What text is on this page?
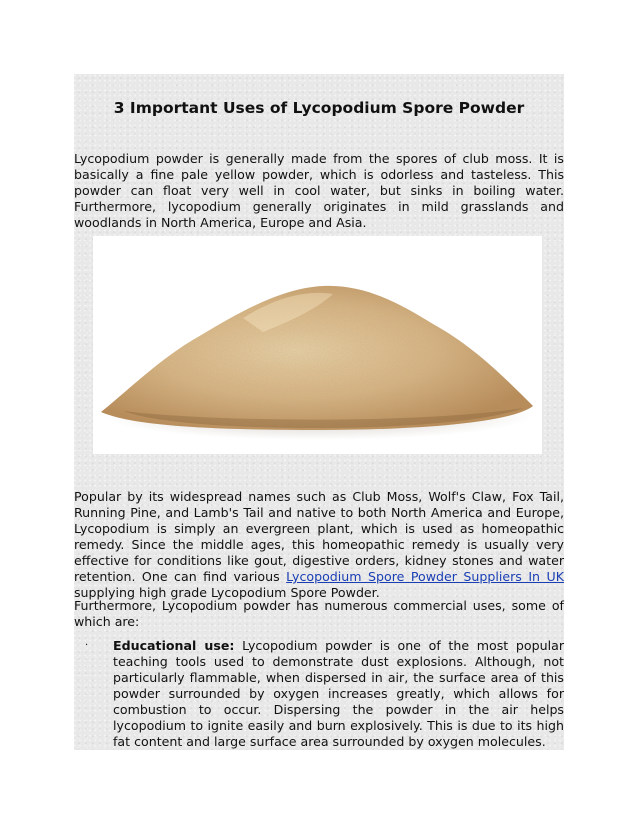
3 Important Uses of Lycopodium Spore Powder

Lycopodium powder is generally made from the spores of club moss. It is basically a fine pale yellow powder, which is odorless and tasteless. This powder can float very well in cool water, but sinks in boiling water. Furthermore, lycopodium generally originates in mild grasslands and woodlands in North America, Europe and Asia.

Popular by its widespread names such as Club Moss, Wolf's Claw, Fox Tail, Running Pine, and Lamb's Tail and native to both North America and Europe, Lycopodium is simply an evergreen plant, which is used as homeopathic remedy. Since the middle ages, this homeopathic remedy is usually very effective for conditions like gout, digestive orders, kidney stones and water retention. One can find various Lycopodium Spore Powder Suppliers In UK supplying high grade Lycopodium Spore Powder.

Furthermore, Lycopodium powder has numerous commercial uses, some of which are:

· Educational use: Lycopodium powder is one of the most popular teaching tools used to demonstrate dust explosions. Although, not particularly flammable, when dispersed in air, the surface area of this powder surrounded by oxygen increases greatly, which allows for combustion to occur. Dispersing the powder in the air helps lycopodium to ignite easily and burn explosively. This is due to its high fat content and large surface area surrounded by oxygen molecules.
